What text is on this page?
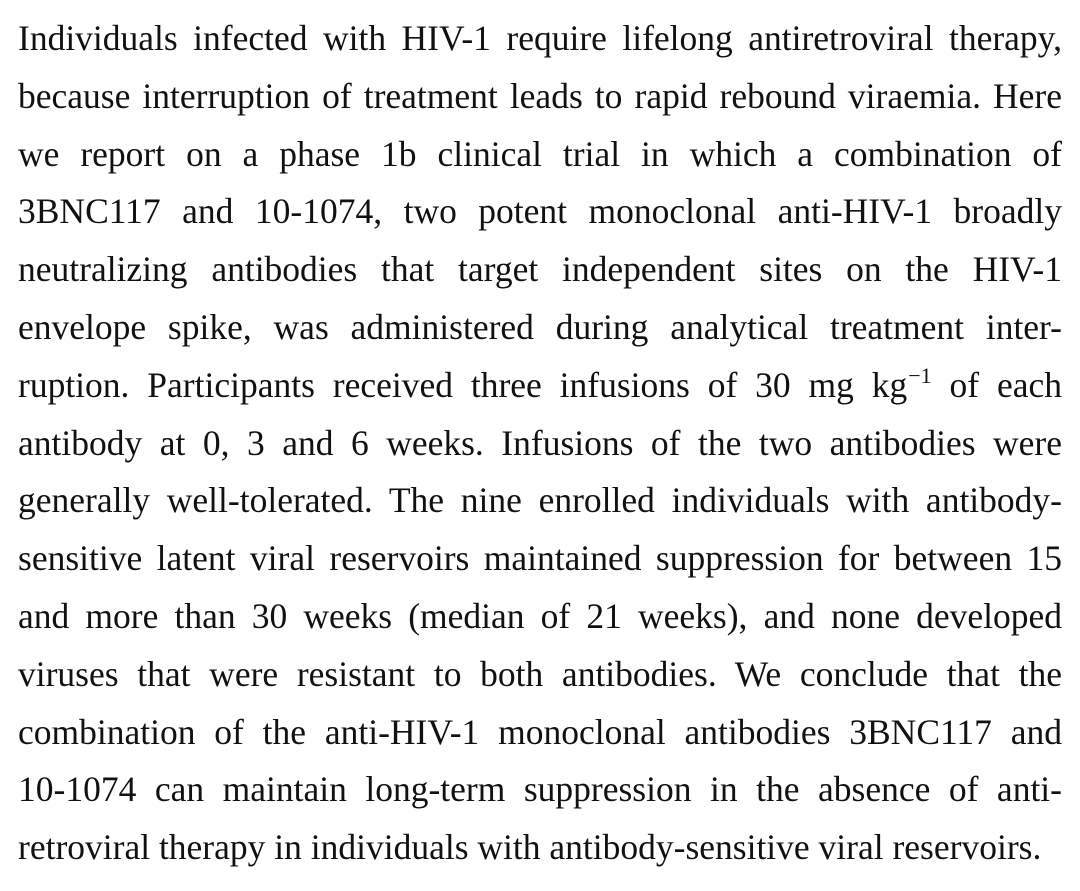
Individuals infected with HIV-1 require lifelong antiretroviral therapy,
because interruption of treatment leads to rapid rebound viraemia. Here
we report on a phase 1b clinical trial in which a combination of
3BNC117 and 10-1074, two potent monoclonal anti-HIV-1 broadly
neutralizing antibodies that target independent sites on the HIV-1
envelope spike, was administered during analytical treatment inter-
ruption. Participants received three infusions of 30 mg $kg^{-1}$ of each
antibody at 0, 3 and 6 weeks. Infusions of the two antibodies were
generally well-tolerated. The nine enrolled individuals with antibody-
sensitive latent viral reservoirs maintained suppression for between 15
and more than 30 weeks (median of 21 weeks), and none developed
viruses that were resistant to both antibodies. We conclude that the
combination of the anti-HIV-1 monoclonal antibodies 3BNC117 and
10-1074 can maintain long-term suppression in the absence of anti-
retroviral therapy in individuals with antibody-sensitive viral reservoirs.
